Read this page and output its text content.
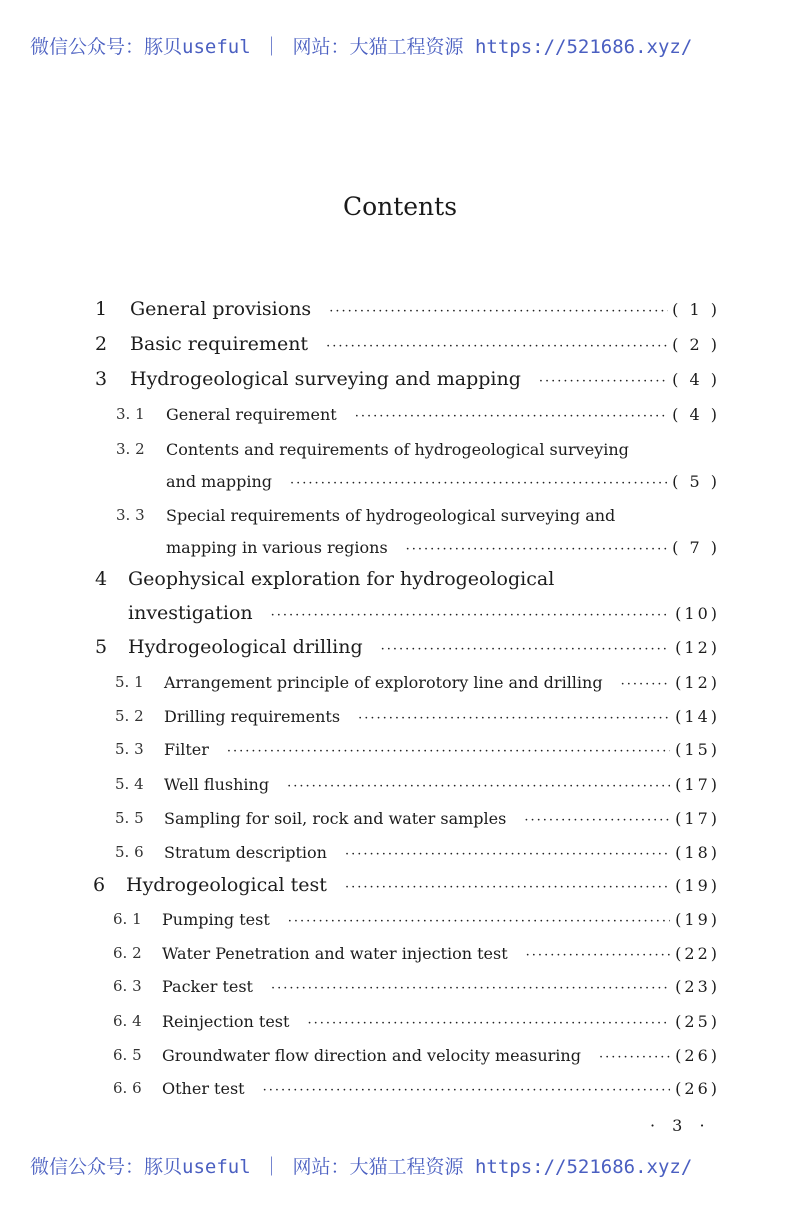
微信公众号：豚贝useful ｜ 网站：大猫工程资源 https://521686.xyz/
Contents
1 General provisions ·····	( 1 )
2 Basic requirement ·····	( 2 )
3 Hydrogeological surveying and mapping ·····	( 4 )
3. 1 General requirement ·····	( 4 )
3. 2 Contents and requirements of hydrogeological surveying
and mapping ·····	( 5 )
3. 3 Special requirements of hydrogeological surveying and
mapping in various regions ·····	( 7 )
4 Geophysical exploration for hydrogeological
investigation ·····	(10)
5 Hydrogeological drilling ·····	(12)
5. 1 Arrangement principle of explorotory line and drilling ·····	(12)
5. 2 Drilling requirements ·····	(14)
5. 3 Filter ·····	(15)
5. 4 Well flushing ·····	(17)
5. 5 Sampling for soil, rock and water samples ·····	(17)
5. 6 Stratum description ·····	(18)
6 Hydrogeological test ·····	(19)
6. 1 Pumping test ·····	(19)
6. 2 Water Penetration and water injection test ·····	(22)
6. 3 Packer test ·····	(23)
6. 4 Reinjection test ·····	(25)
6. 5 Groundwater flow direction and velocity measuring ·····	(26)
6. 6 Other test ·····	(26)
· 3 ·
微信公众号：豚贝useful ｜ 网站：大猫工程资源 https://521686.xyz/
